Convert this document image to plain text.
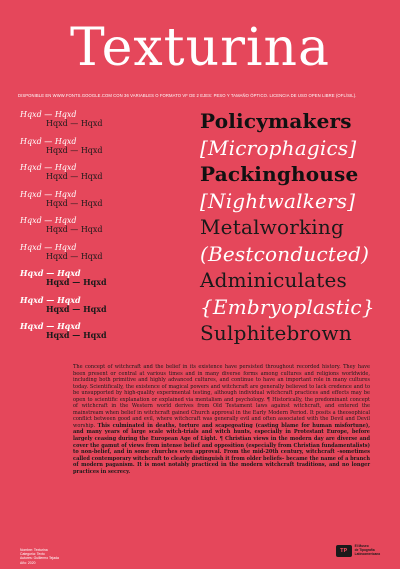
Texturina
DISPONIBLE EN WWW.FONTS.GOOGLE.COM CON 36 VARIABLES O FORMATO VF DE 2 EJES: PESO Y TAMAÑO ÓPTICO. LICENCIA DE USO OPEN LIBRE (OFL/SIL).
Hqxd — Hqxd
Hqxd — Hqxd	Policymakers
Hqxd — Hqxd
Hqxd — Hqxd	[Microphagics]
Hqxd — Hqxd
Hqxd — Hqxd	Packinghouse
Hqxd — Hqxd
Hqxd — Hqxd	[Nightwalkers]
Hqxd — Hqxd
Hqxd — Hqxd	Metalworking
Hqxd — Hqxd
Hqxd — Hqxd	(Bestconducted)
Hqxd — Hqxd
Hqxd — Hqxd	Adminiculates
Hqxd — Hqxd
Hqxd — Hqxd	{Embryoplastic}
Hqxd — Hqxd
Hqxd — Hqxd	Sulphitebrown
The concept of witchcraft and the belief in its existence have persisted throughout recorded history. They have been present or central at various times and in many diverse forms among cultures and religions worldwide, including both primitive and highly advanced cultures, and continue to have an important role in many cultures today. Scientifically, the existence of magical powers and witchcraft are generally believed to lack credence and to be unsupported by high-quality experimental testing, although individual witchcraft practices and effects may be open to scientific explanation or explained via mentalism and psychology. ¶ Historically, the predominant concept of witchcraft in the Western world derives from Old Testament laws against witchcraft, and entered the mainstream when belief in witchcraft gained Church approval in the Early Modern Period. It posits a theosophical conflict between good and evil, where witchcraft was generally evil and often associated with the Devil and Devil worship. This culminated in deaths, torture and scapegoating (casting blame for human misfortune), and many years of large scale witch-trials and witch hunts, especially in Protestant Europe, before largely ceasing during the European Age of Light. ¶ Christian views in the modern day are diverse and cover the gamut of views from intense belief and opposition (especially from Christian fundamentalists) to non-belief, and in some churches even approval. From the mid-20th century, witchcraft –sometimes called contemporary witchcraft to clearly distinguish it from older beliefs– became the name of a branch of modern paganism. It is most notably practiced in the modern witchcraft traditions, and no longer practices in secrecy.
Nombre: Texturina
Categoría: Texto
Autores: Guillermo Tejada
Año: 2020
TP
El Museo
de Tipografía
Latinoamericana
